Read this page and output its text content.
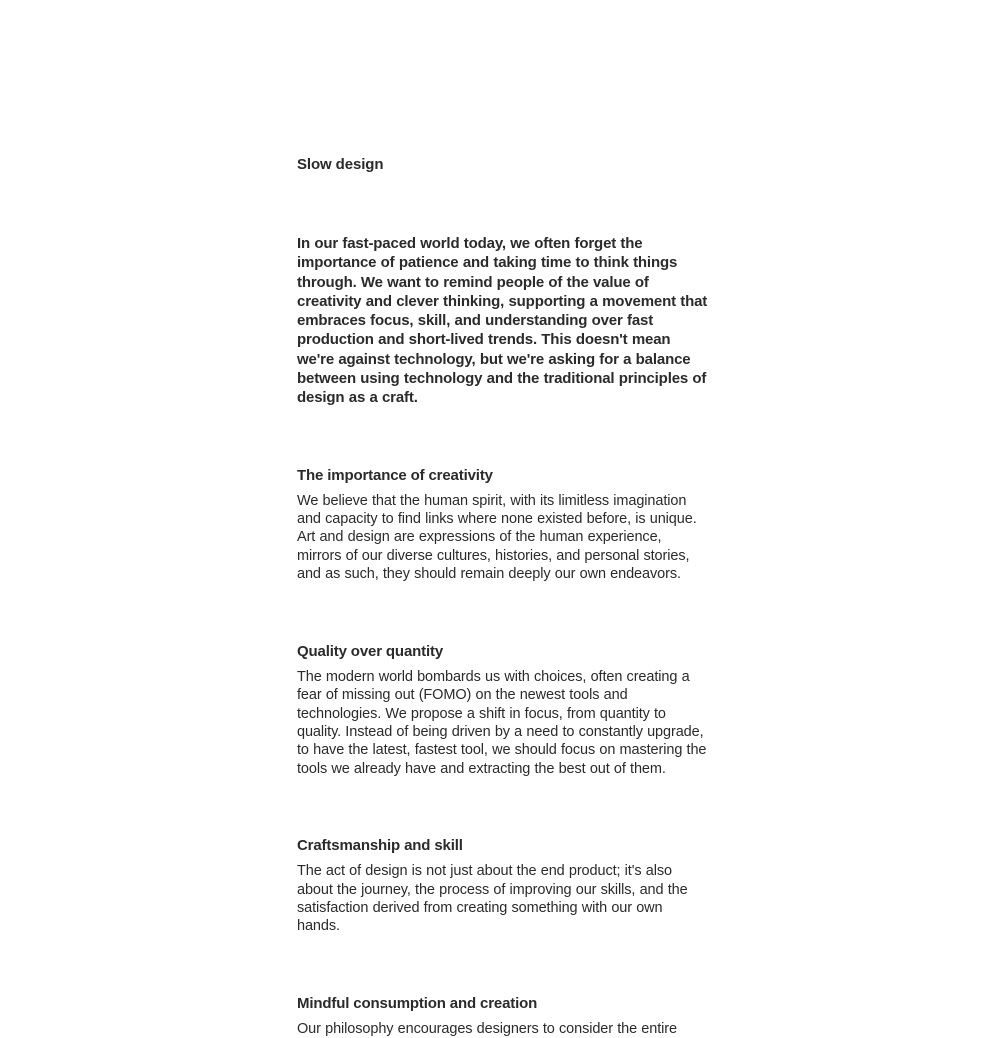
Slow design

In our fast-paced world today, we often forget the importance of patience and taking time to think things through. We want to remind people of the value of creativity and clever thinking, supporting a movement that embraces focus, skill, and understanding over fast production and short-lived trends. This doesn't mean we're against technology, but we're asking for a balance between using technology and the traditional principles of design as a craft.

The importance of creativity

We believe that the human spirit, with its limitless imagination and capacity to find links where none existed before, is unique. Art and design are expressions of the human experience, mirrors of our diverse cultures, histories, and personal stories, and as such, they should remain deeply our own endeavors.

Quality over quantity

The modern world bombards us with choices, often creating a fear of missing out (FOMO) on the newest tools and technologies. We propose a shift in focus, from quantity to quality. Instead of being driven by a need to constantly upgrade, to have the latest, fastest tool, we should focus on mastering the tools we already have and extracting the best out of them.

Craftsmanship and skill

The act of design is not just about the end product; it's also about the journey, the process of improving our skills, and the satisfaction derived from creating something with our own hands.

Mindful consumption and creation

Our philosophy encourages designers to consider the entire
